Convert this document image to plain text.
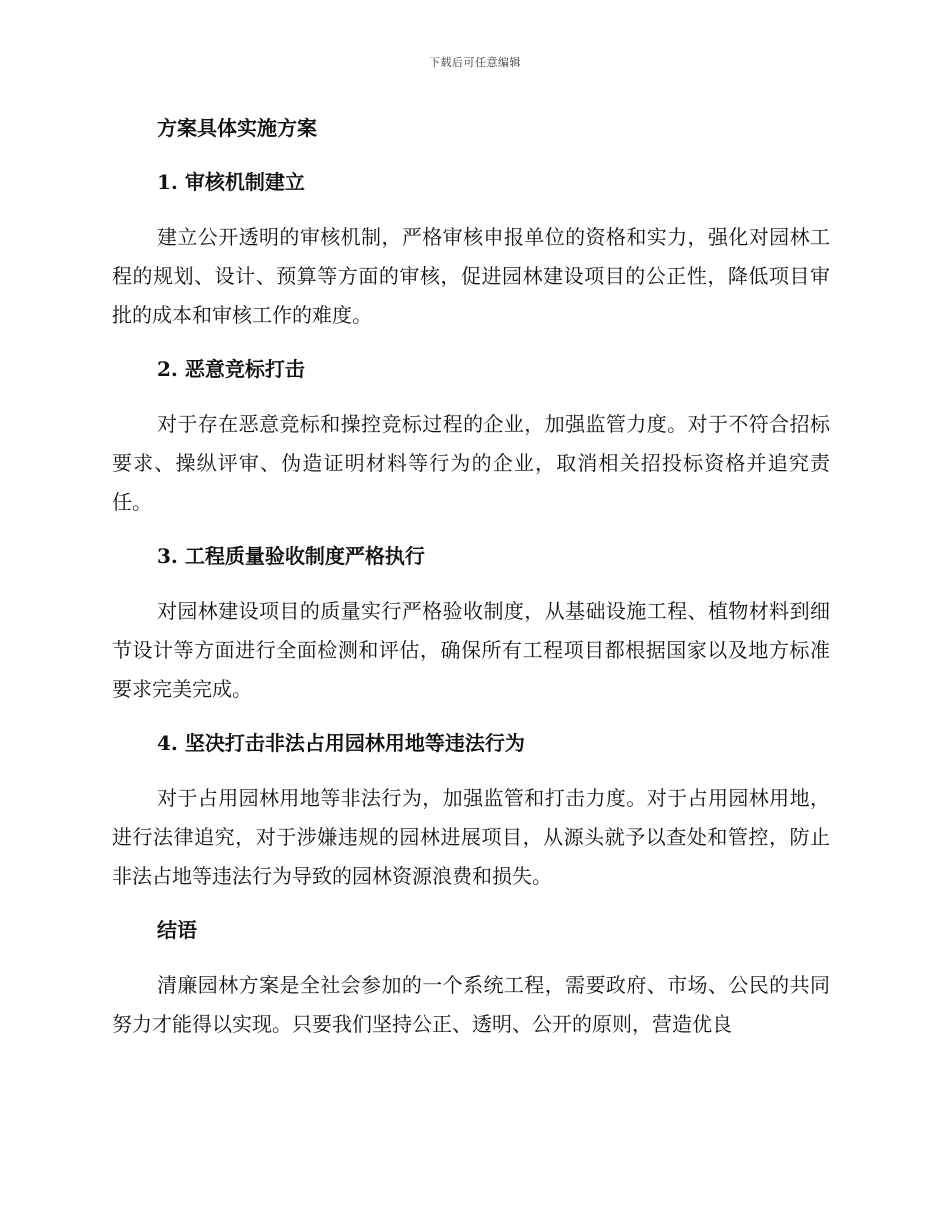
下载后可任意编辑
方案具体实施方案
1. 审核机制建立

建立公开透明的审核机制，严格审核申报单位的资格和实力，强化对园林工程的规划、设计、预算等方面的审核，促进园林建设项目的公正性，降低项目审批的成本和审核工作的难度。

2. 恶意竞标打击

对于存在恶意竞标和操控竞标过程的企业，加强监管力度。对于不符合招标要求、操纵评审、伪造证明材料等行为的企业，取消相关招投标资格并追究责任。

3. 工程质量验收制度严格执行

对园林建设项目的质量实行严格验收制度，从基础设施工程、植物材料到细节设计等方面进行全面检测和评估，确保所有工程项目都根据国家以及地方标准要求完美完成。

4. 坚决打击非法占用园林用地等违法行为

对于占用园林用地等非法行为，加强监管和打击力度。对于占用园林用地，进行法律追究，对于涉嫌违规的园林进展项目，从源头就予以查处和管控，防止非法占地等违法行为导致的园林资源浪费和损失。

结语

清廉园林方案是全社会参加的一个系统工程，需要政府、市场、公民的共同努力才能得以实现。只要我们坚持公正、透明、公开的原则，营造优良
